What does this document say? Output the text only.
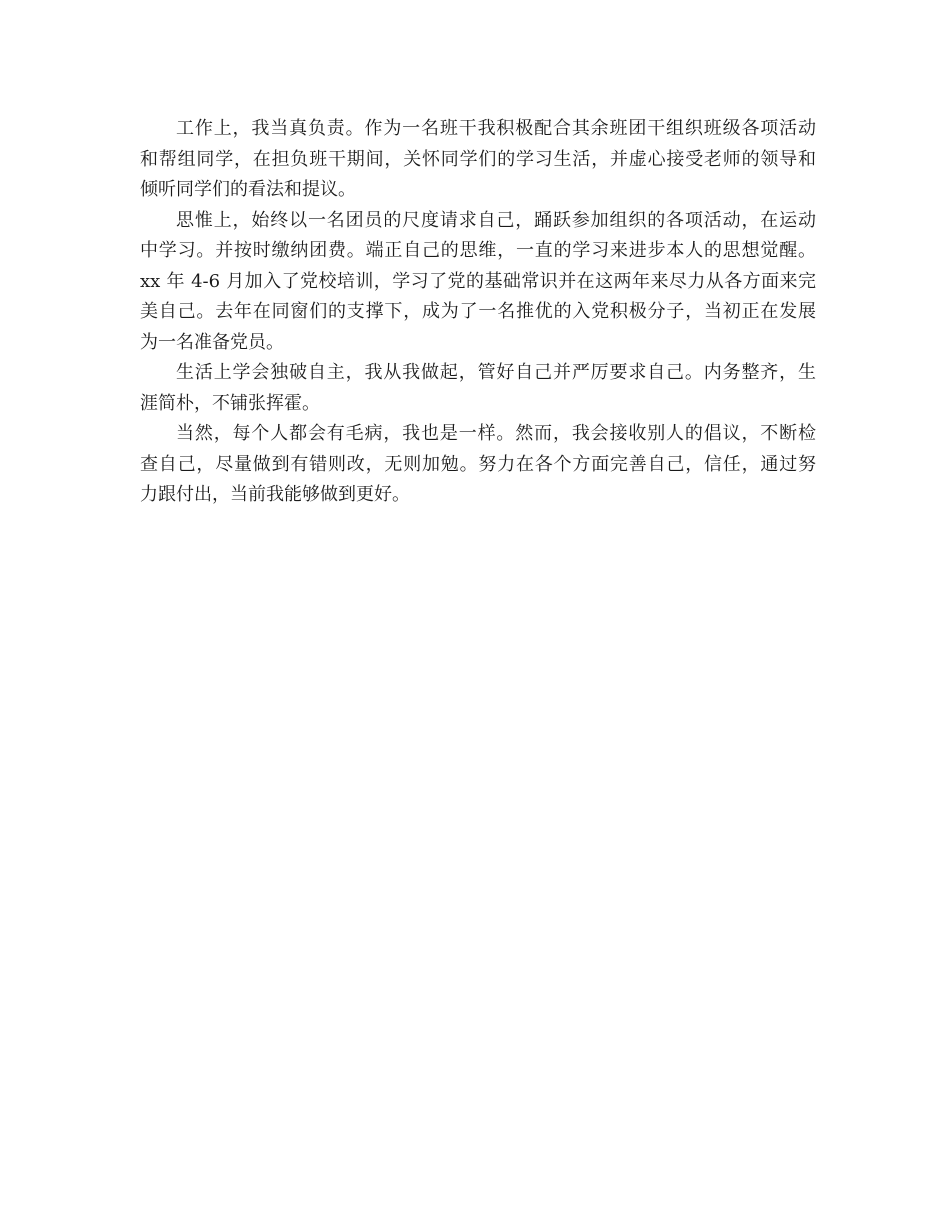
工作上，我当真负责。作为一名班干我积极配合其余班团干组织班级各项活动
和帮组同学，在担负班干期间，关怀同学们的学习生活，并虚心接受老师的领导和
倾听同学们的看法和提议。
思惟上，始终以一名团员的尺度请求自己，踊跃参加组织的各项活动，在运动
中学习。并按时缴纳团费。端正自己的思维，一直的学习来进步本人的思想觉醒。
xx 年 4-6 月加入了党校培训，学习了党的基础常识并在这两年来尽力从各方面来完
美自己。去年在同窗们的支撑下，成为了一名推优的入党积极分子，当初正在发展
为一名准备党员。
生活上学会独破自主，我从我做起，管好自己并严厉要求自己。内务整齐，生
涯简朴，不铺张挥霍。
当然，每个人都会有毛病，我也是一样。然而，我会接收别人的倡议，不断检
查自己，尽量做到有错则改，无则加勉。努力在各个方面完善自己，信任，通过努
力跟付出，当前我能够做到更好。
